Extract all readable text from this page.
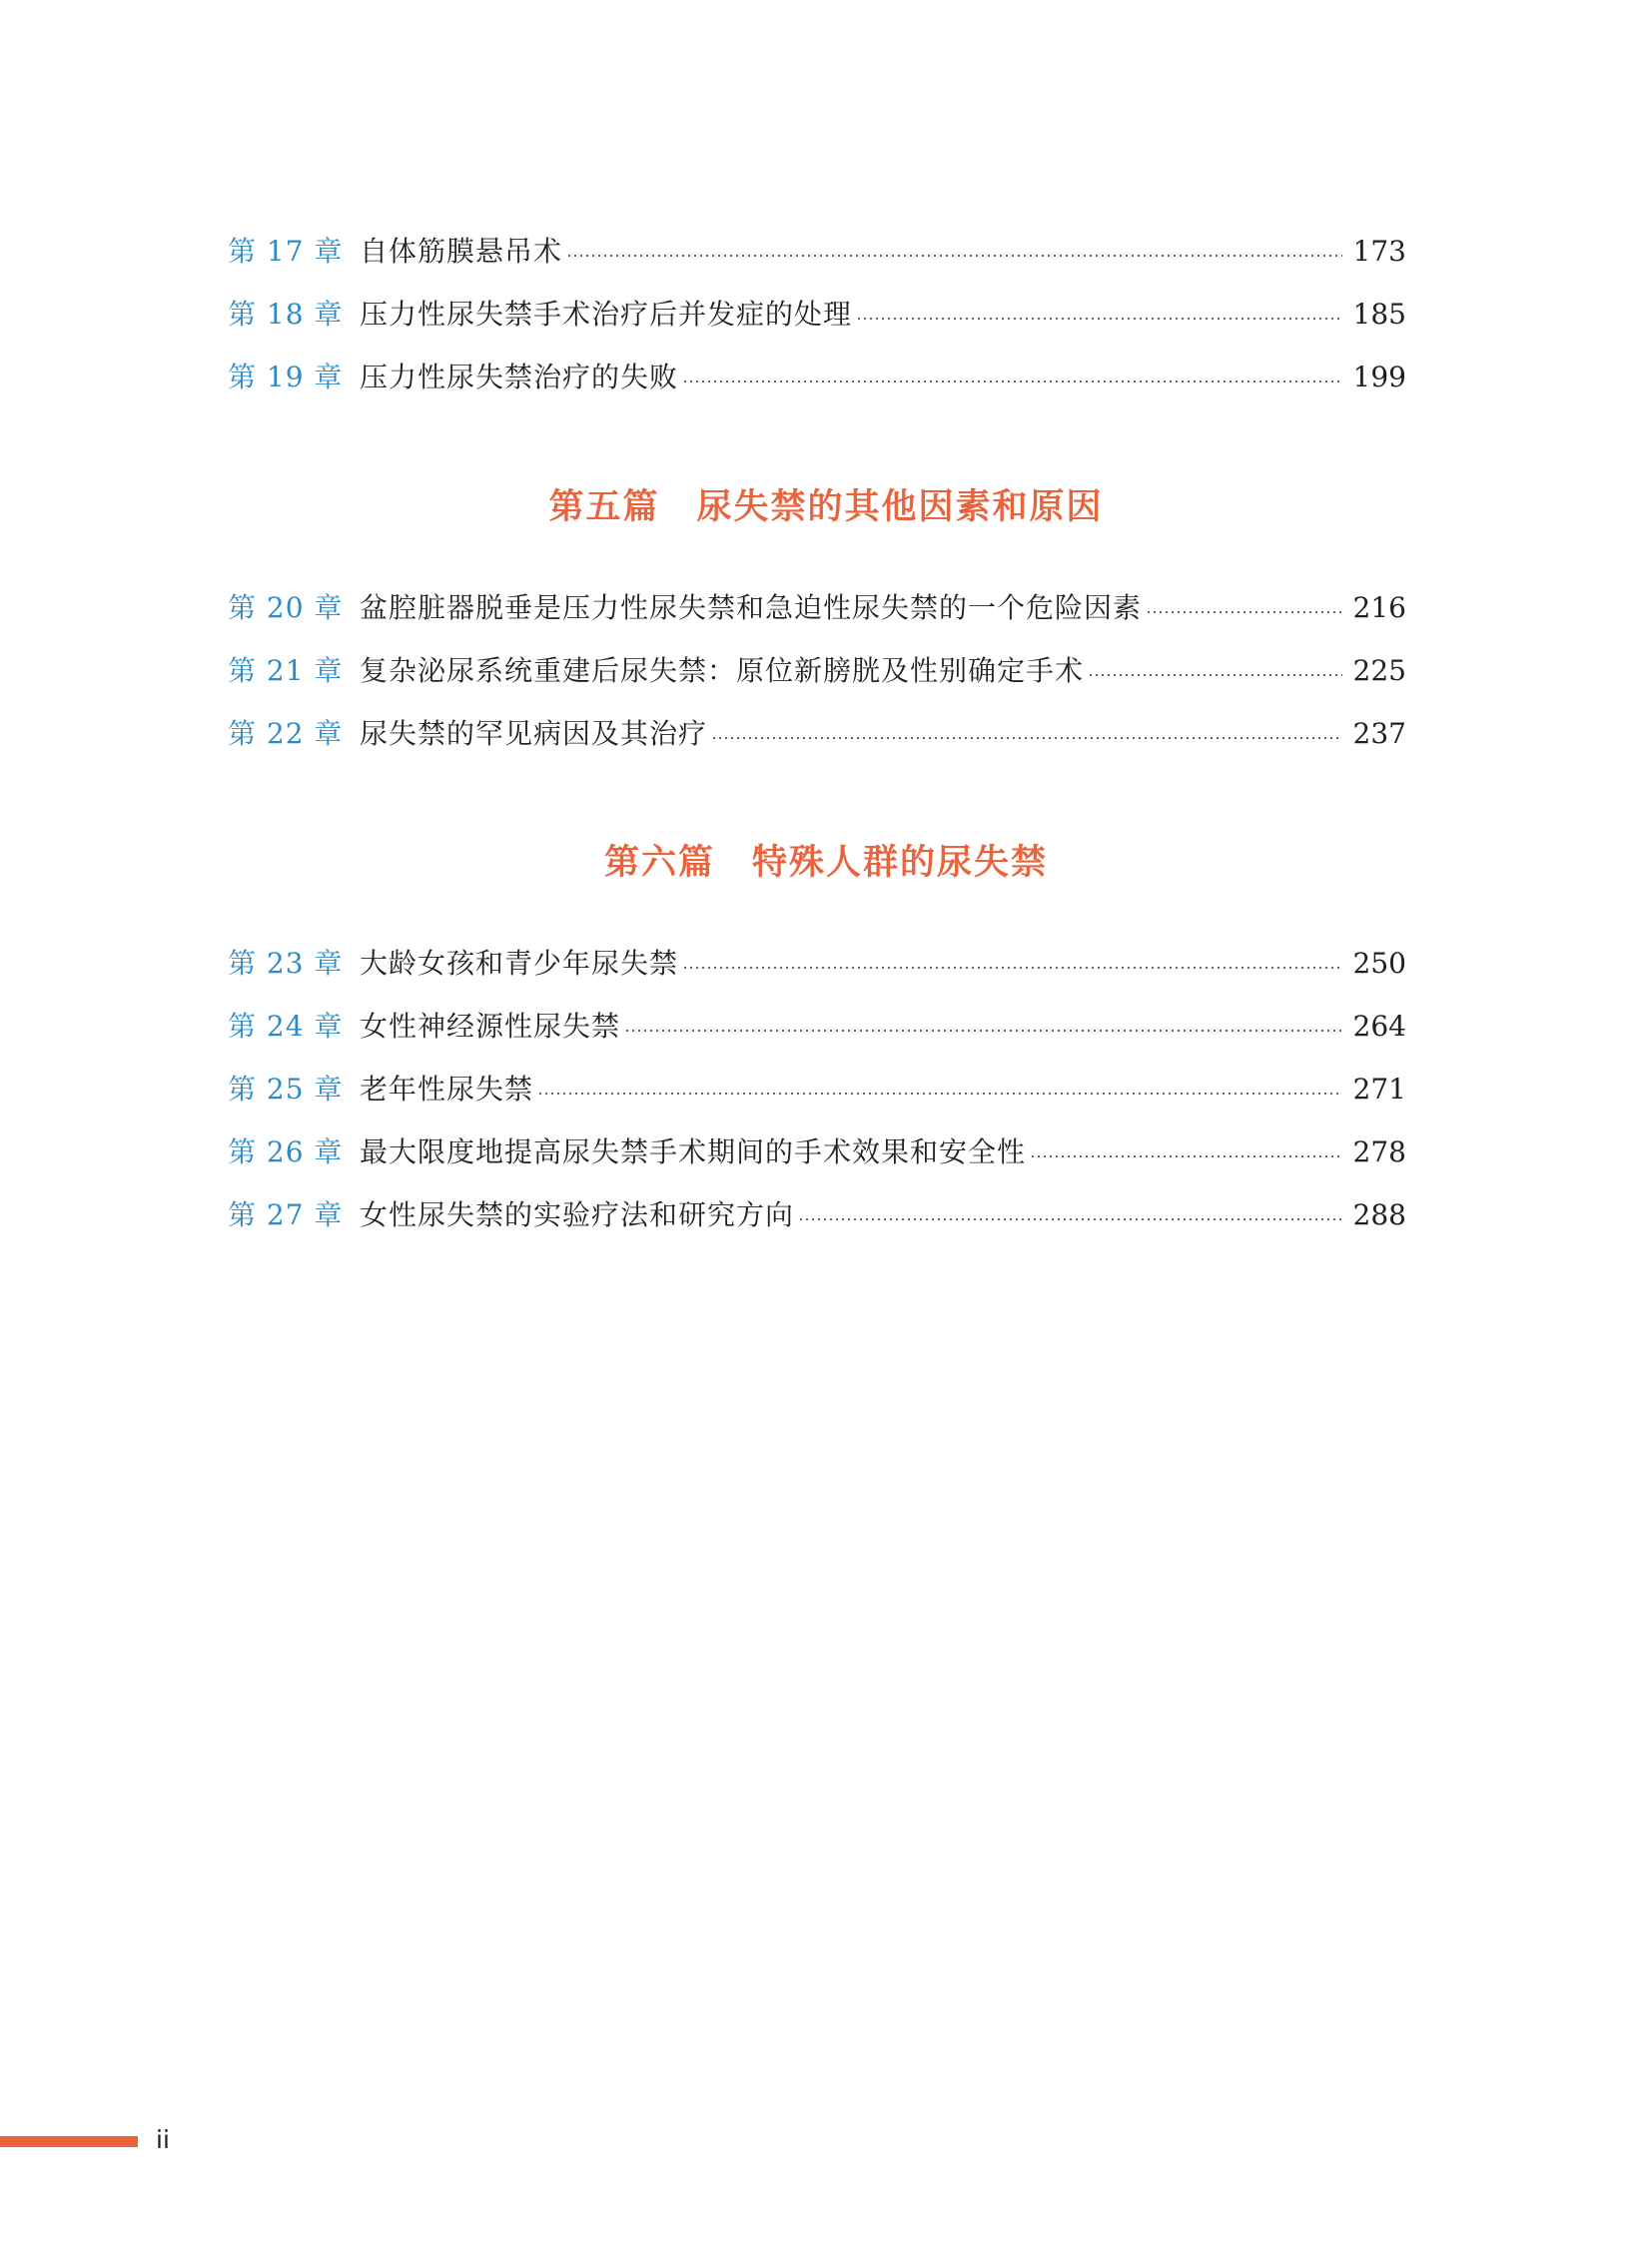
第 17 章 自体筋膜悬吊术	173
第 18 章 压力性尿失禁手术治疗后并发症的处理	185
第 19 章 压力性尿失禁治疗的失败	199
第五篇　尿失禁的其他因素和原因
第 20 章 盆腔脏器脱垂是压力性尿失禁和急迫性尿失禁的一个危险因素	216
第 21 章 复杂泌尿系统重建后尿失禁：原位新膀胱及性别确定手术	225
第 22 章 尿失禁的罕见病因及其治疗	237
第六篇　特殊人群的尿失禁
第 23 章 大龄女孩和青少年尿失禁	250
第 24 章 女性神经源性尿失禁	264
第 25 章 老年性尿失禁	271
第 26 章 最大限度地提高尿失禁手术期间的手术效果和安全性	278
第 27 章 女性尿失禁的实验疗法和研究方向	288
ii
